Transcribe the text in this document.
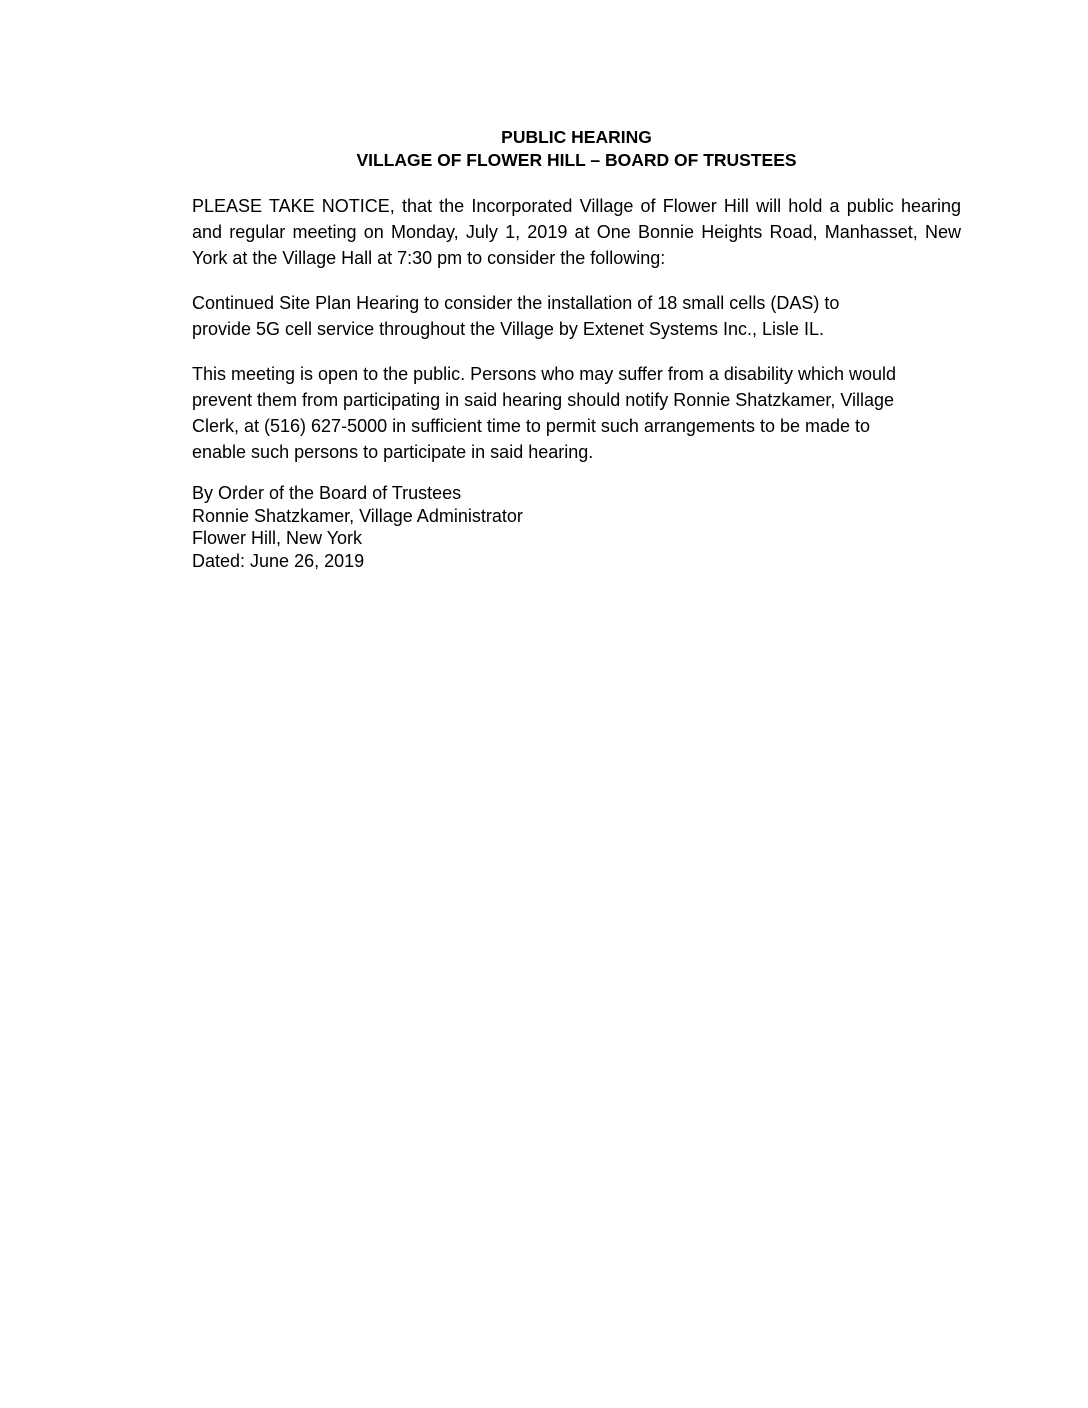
PUBLIC HEARING
VILLAGE OF FLOWER HILL – BOARD OF TRUSTEES

PLEASE TAKE NOTICE, that the Incorporated Village of Flower Hill will hold a public hearing and regular meeting on Monday, July 1, 2019 at One Bonnie Heights Road, Manhasset, New York at the Village Hall at 7:30 pm to consider the following:

Continued Site Plan Hearing to consider the installation of 18 small cells (DAS) to
provide 5G cell service throughout the Village by Extenet Systems Inc., Lisle IL.

This meeting is open to the public. Persons who may suffer from a disability which would
prevent them from participating in said hearing should notify Ronnie Shatzkamer, Village
Clerk, at (516) 627-5000 in sufficient time to permit such arrangements to be made to
enable such persons to participate in said hearing.

By Order of the Board of Trustees
Ronnie Shatzkamer, Village Administrator
Flower Hill, New York
Dated: June 26, 2019
